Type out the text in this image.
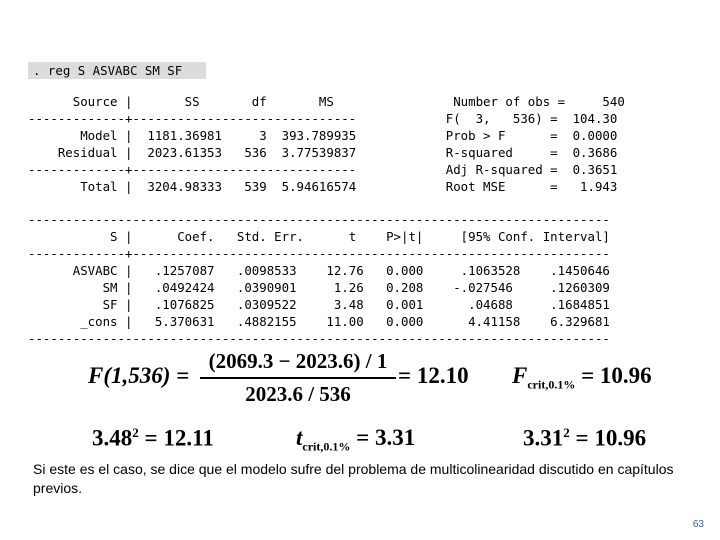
. reg S ASVABC SM SF
Source |       SS       df       MS                Number of obs =     540
-------------+------------------------------            F(  3,   536) =  104.30
Model |  1181.36981     3  393.789935            Prob > F      =  0.0000
Residual |  2023.61353   536  3.77539837            R-squared     =  0.3686
-------------+------------------------------            Adj R-squared =  0.3651
Total |  3204.98333   539  5.94616574            Root MSE      =   1.943

------------------------------------------------------------------------------
S |      Coef.   Std. Err.      t    P>|t|     [95% Conf. Interval]
-------------+----------------------------------------------------------------
ASVABC |   .1257087   .0098533    12.76   0.000     .1063528    .1450646
SM |   .0492424   .0390901     1.26   0.208    -.027546     .1260309
SF |   .1076825   .0309522     3.48   0.001      .04688     .1684851
_cons |   5.370631   .4882155    11.00   0.000      4.41158    6.329681
------------------------------------------------------------------------------
F(1,536) =
(2069.3 − 2023.6) / 1
2023.6 / 536
= 12.10 $F_{crit,0.1\%} = 10.96$
$3.48^2 = 12.11$	$t_{crit,0.1\%} = 3.31$	$3.31^2 = 10.96$
Si este es el caso, se dice que el modelo sufre del problema de multicolinearidad discutido en capítulos previos.
63
